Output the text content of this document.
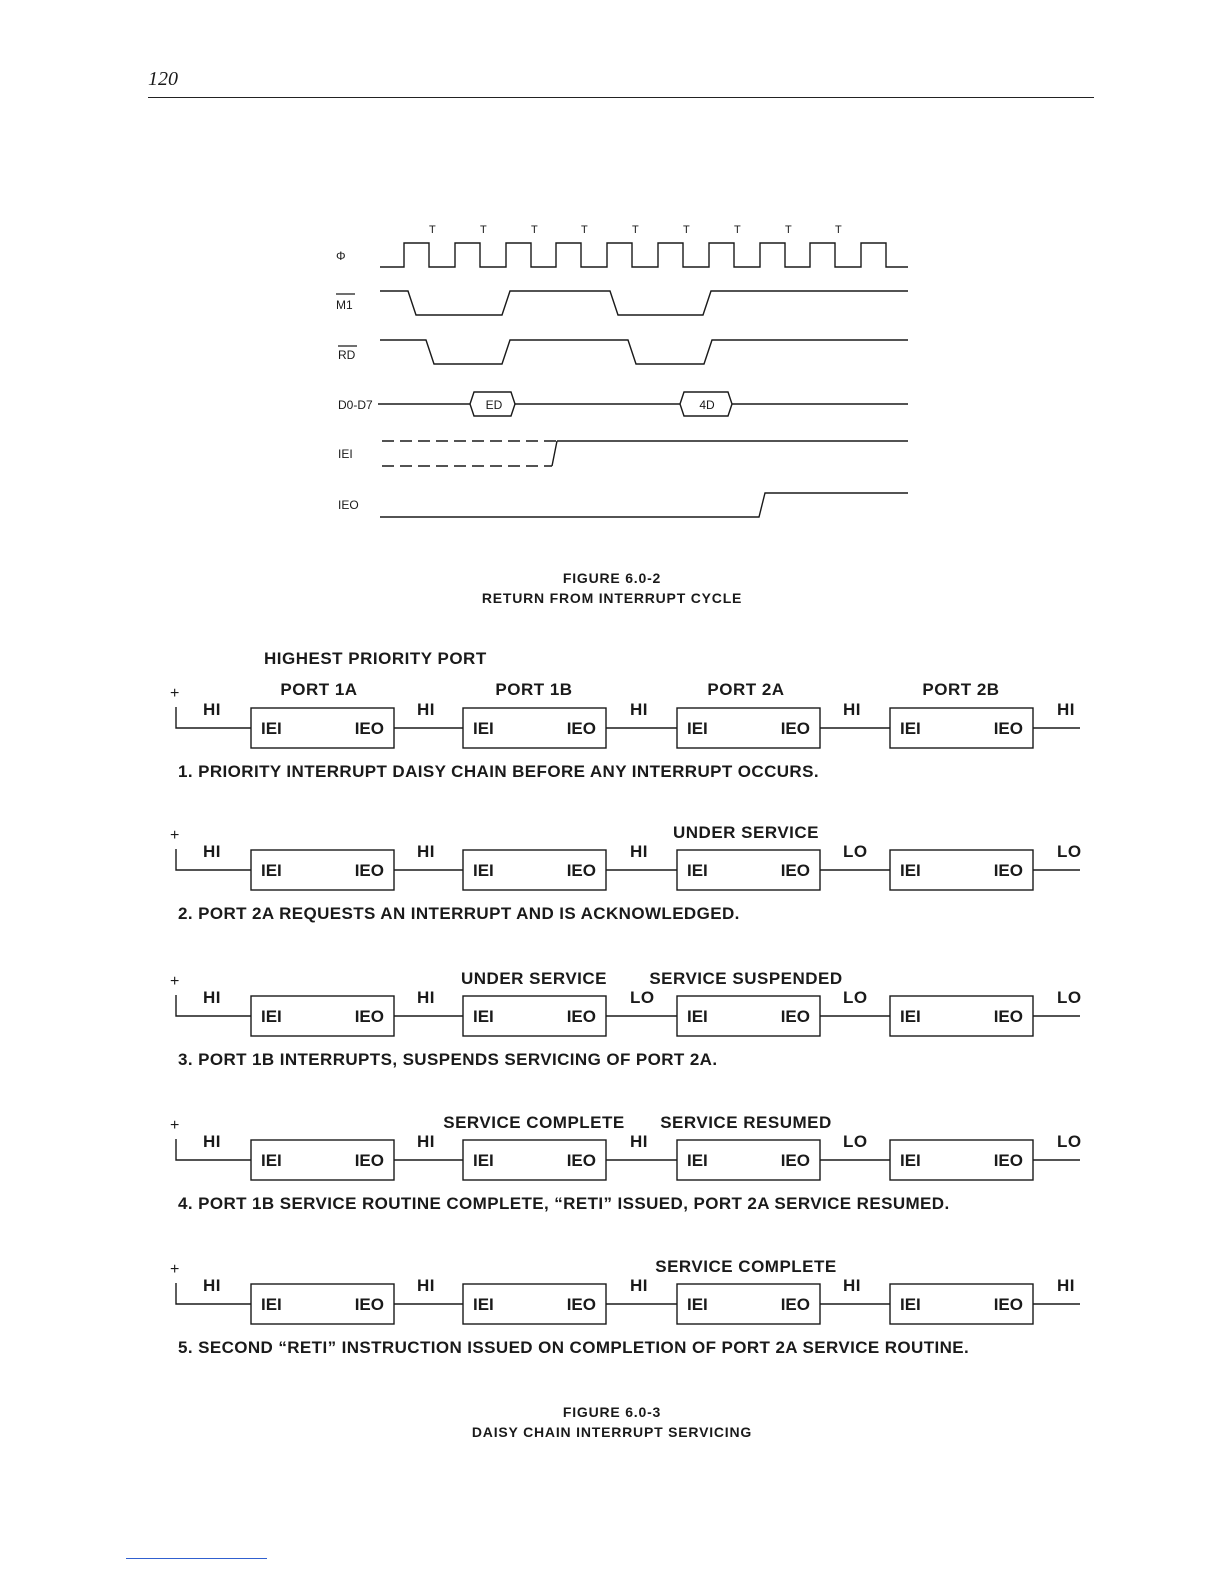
120
Φ
M1
RD
D0-D7
IEI
IEO
ED	4D
T	T	T	T	T	T	T	T	T
FIGURE 6.0-2
RETURN FROM INTERRUPT CYCLE
HIGHEST PRIORITY PORT
PORT 1A	PORT 1B	PORT 2A	PORT 2B
+
IEI	IEO	IEI	IEO	IEI	IEO	IEI	IEO
HI	HI	HI	HI	HI
1. PRIORITY INTERRUPT DAISY CHAIN BEFORE ANY INTERRUPT OCCURS.
+
IEI	IEO	IEI	IEO	IEI	IEO	IEI	IEO
HI	HI	HI	LO	LO
UNDER SERVICE
2. PORT 2A REQUESTS AN INTERRUPT AND IS ACKNOWLEDGED.
+
IEI	IEO	IEI	IEO	IEI	IEO	IEI	IEO
HI	HI	LO	LO	LO
UNDER SERVICE SERVICE SUSPENDED
3. PORT 1B INTERRUPTS, SUSPENDS SERVICING OF PORT 2A.
+
IEI	IEO	IEI	IEO	IEI	IEO	IEI	IEO
HI	HI	HI	LO	LO
SERVICE COMPLETE SERVICE RESUMED
4. PORT 1B SERVICE ROUTINE COMPLETE, “RETI” ISSUED, PORT 2A SERVICE RESUMED.
+
IEI	IEO	IEI	IEO	IEI	IEO	IEI	IEO
HI	HI	HI	HI	HI
SERVICE COMPLETE
5. SECOND “RETI” INSTRUCTION ISSUED ON COMPLETION OF PORT 2A SERVICE ROUTINE.
FIGURE 6.0-3
DAISY CHAIN INTERRUPT SERVICING
